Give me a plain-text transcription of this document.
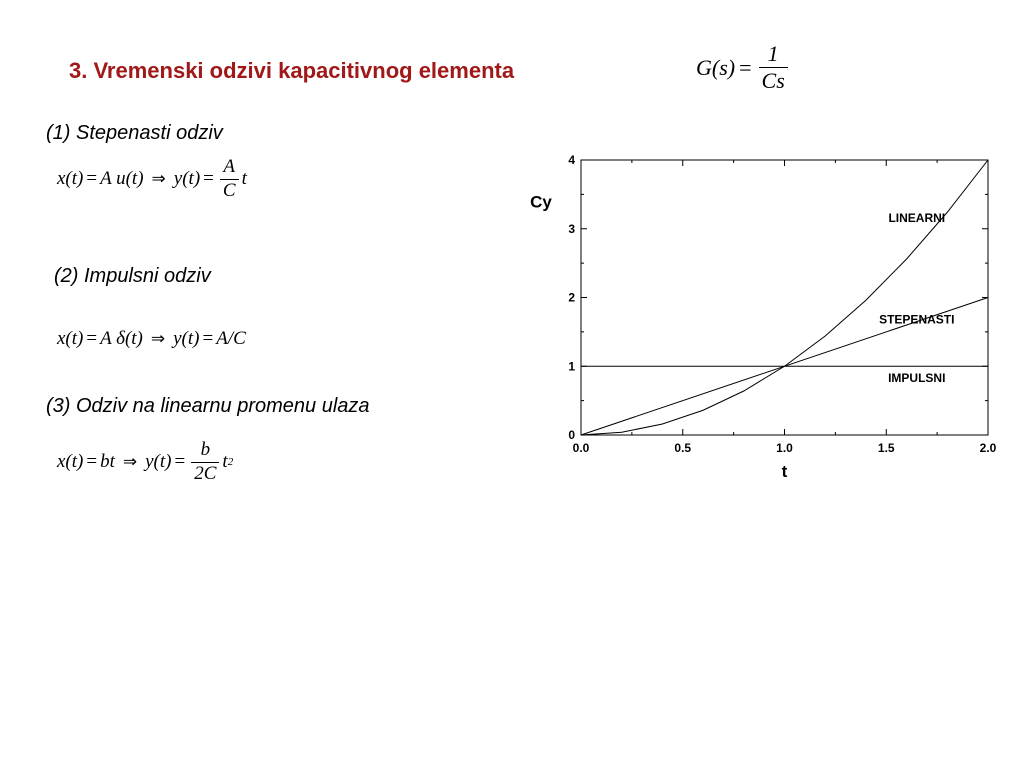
3. Vremenski odzivi kapacitivnog elementa	$G(s) = \frac{1}{Cs}$
(1) Stepenasti odziv
x(t) = A u(t) ⇒ $y(t) = \frac{A}{C}$ t
(2) Impulsni odziv
x(t) = A δ(t) ⇒ y(t) = A/C
(3) Odziv na linearnu promenu ulaza
x(t) = bt ⇒ $y(t) = \frac{b}{2C}$ t 2
0.0	0.5	1.0	1.5	2.0
0
1
2
3
4
t
Cy
LINEARNI
STEPENASTI
IMPULSNI
